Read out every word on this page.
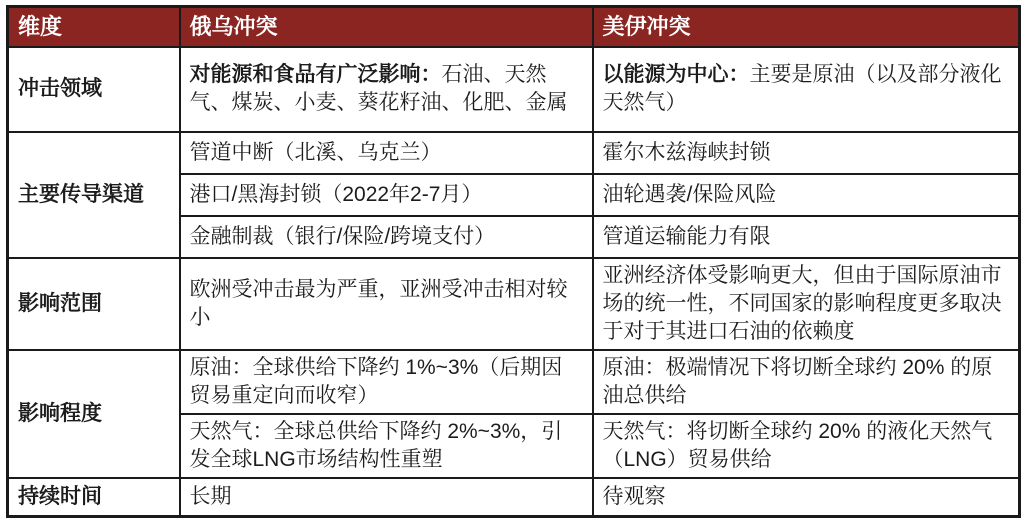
维度	俄乌冲突	美伊冲突
冲击领域	对能源和食品有广泛影响：石油、天然气、煤炭、小麦、葵花籽油、化肥、金属	以能源为中心：主要是原油（以及部分液化天然气）
主要传导渠道	管道中断（北溪、乌克兰）	霍尔木兹海峡封锁
	港口/黑海封锁（2022年2-7月）	油轮遇袭/保险风险
	金融制裁（银行/保险/跨境支付）	管道运输能力有限
影响范围	欧洲受冲击最为严重，亚洲受冲击相对较小	亚洲经济体受影响更大，但由于国际原油市场的统一性，不同国家的影响程度更多取决于对于其进口石油的依赖度
影响程度	原油：全球供给下降约 1%~3%（后期因贸易重定向而收窄）	原油：极端情况下将切断全球约 20% 的原油总供给
	天然气：全球总供给下降约 2%~3%，引发全球LNG市场结构性重塑	天然气：将切断全球约 20% 的液化天然气（LNG）贸易供给
持续时间	长期	待观察
